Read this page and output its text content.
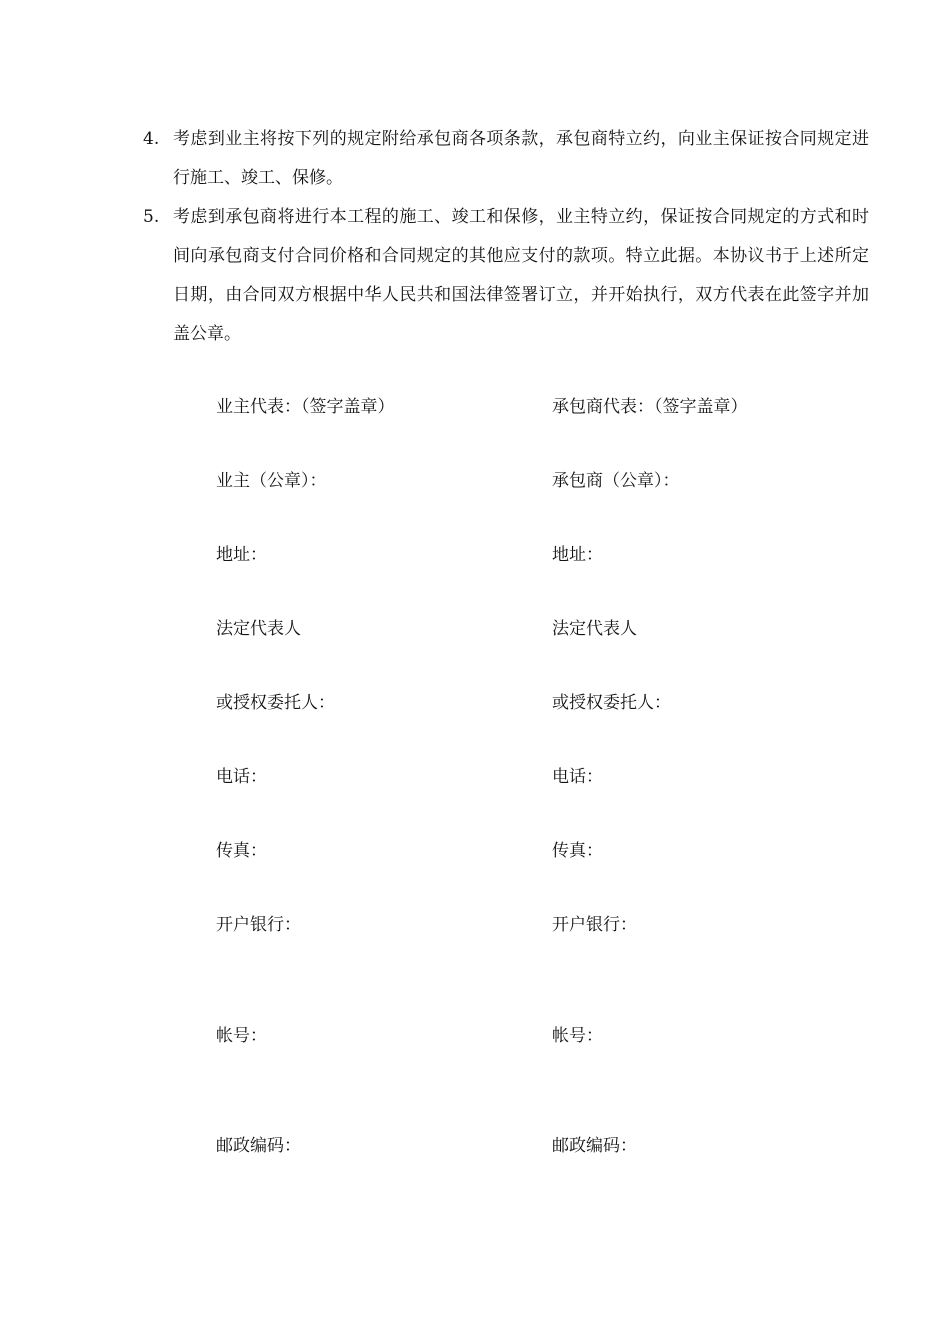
4. 考虑到业主将按下列的规定附给承包商各项条款，承包商特立约，向业主保证按合同规定进行施工、竣工、保修。
5. 考虑到承包商将进行本工程的施工、竣工和保修，业主特立约，保证按合同规定的方式和时间向承包商支付合同价格和合同规定的其他应支付的款项。特立此据。本协议书于上述所定日期，由合同双方根据中华人民共和国法律签署订立，并开始执行，双方代表在此签字并加盖公章。
业主代表：（签字盖章）	承包商代表：（签字盖章）
业主（公章）：	承包商（公章）：
地址：	地址：
法定代表人	法定代表人
或授权委托人：	或授权委托人：
电话：	电话：
传真：	传真：
开户银行：	开户银行：
帐号：	帐号：
邮政编码：	邮政编码：
